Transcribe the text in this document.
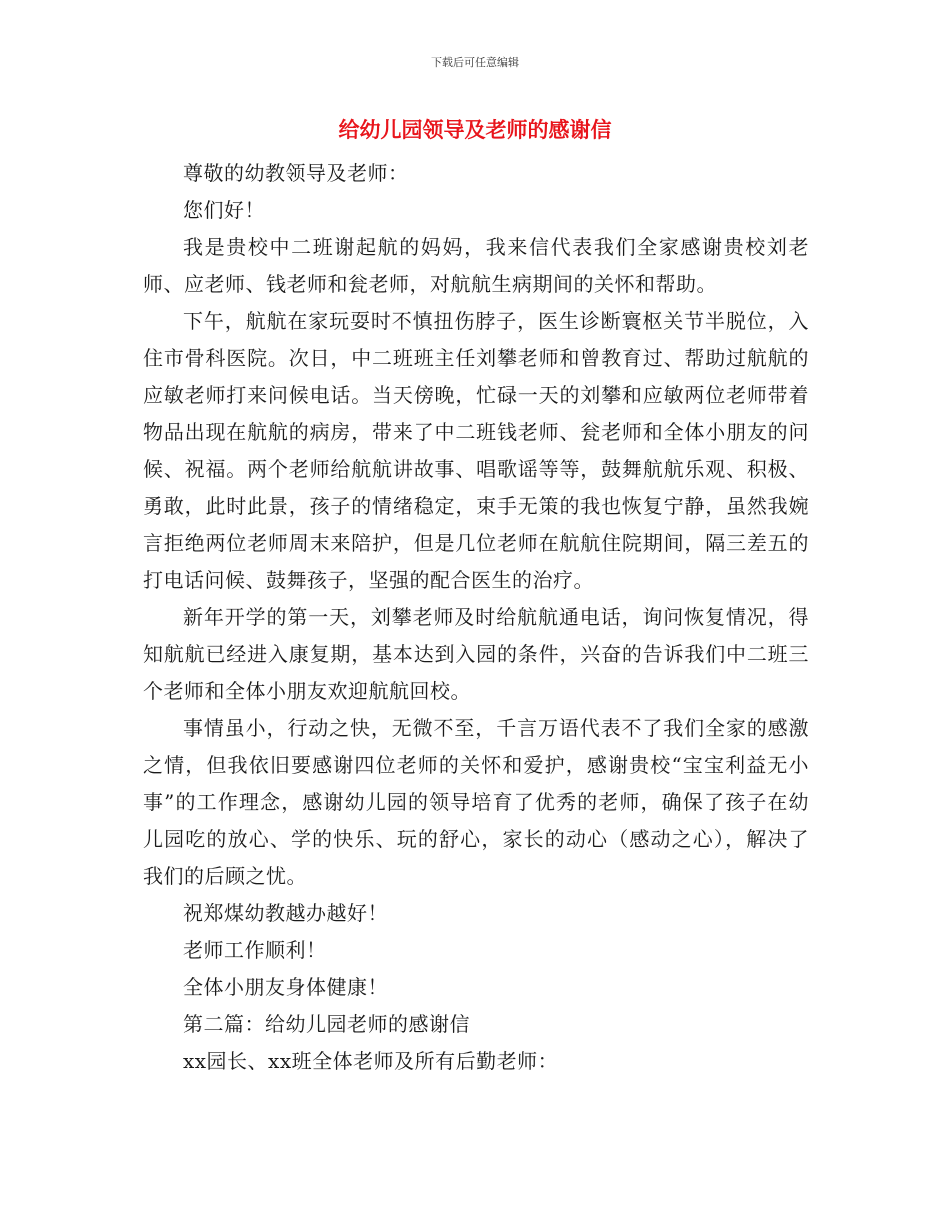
下载后可任意编辑
给幼儿园领导及老师的感谢信

尊敬的幼教领导及老师：

您们好！

我是贵校中二班谢起航的妈妈，我来信代表我们全家感谢贵校刘老师、应老师、钱老师和瓮老师，对航航生病期间的关怀和帮助。

下午，航航在家玩耍时不慎扭伤脖子，医生诊断寰枢关节半脱位，入住市骨科医院。次日，中二班班主任刘攀老师和曾教育过、帮助过航航的应敏老师打来问候电话。当天傍晚，忙碌一天的刘攀和应敏两位老师带着物品出现在航航的病房，带来了中二班钱老师、瓮老师和全体小朋友的问候、祝福。两个老师给航航讲故事、唱歌谣等等，鼓舞航航乐观、积极、勇敢，此时此景，孩子的情绪稳定，束手无策的我也恢复宁静，虽然我婉言拒绝两位老师周末来陪护，但是几位老师在航航住院期间，隔三差五的打电话问候、鼓舞孩子，坚强的配合医生的治疗。

新年开学的第一天，刘攀老师及时给航航通电话，询问恢复情况，得知航航已经进入康复期，基本达到入园的条件，兴奋的告诉我们中二班三个老师和全体小朋友欢迎航航回校。

事情虽小，行动之快，无微不至，千言万语代表不了我们全家的感激之情，但我依旧要感谢四位老师的关怀和爱护，感谢贵校“宝宝利益无小事”的工作理念，感谢幼儿园的领导培育了优秀的老师，确保了孩子在幼儿园吃的放心、学的快乐、玩的舒心，家长的动心（感动之心），解决了我们的后顾之忧。

祝郑煤幼教越办越好！

老师工作顺利！

全体小朋友身体健康！

第二篇：给幼儿园老师的感谢信

xx园长、xx班全体老师及所有后勤老师：
